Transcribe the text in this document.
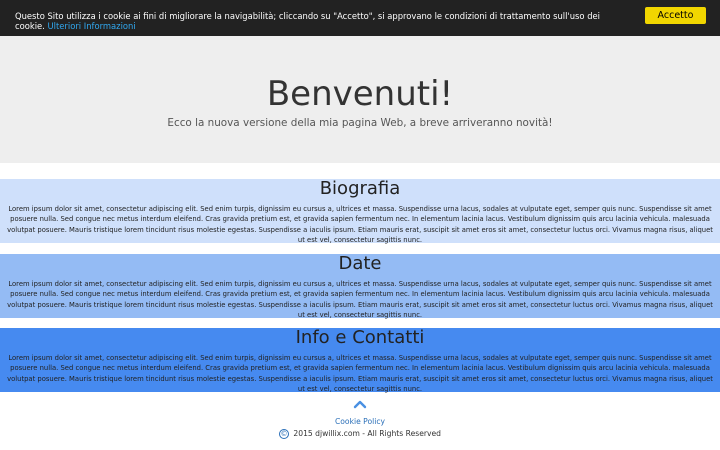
Questo Sito utilizza i cookie ai fini di migliorare la navigabilità; cliccando su "Accetto", si approvano le condizioni di trattamento sull'uso dei cookie. Ulteriori Informazioni
Accetto
Benvenuti!

Ecco la nuova versione della mia pagina Web, a breve arriveranno novità!

Biografia
Lorem ipsum dolor sit amet, consectetur adipiscing elit. Sed enim turpis, dignissim eu cursus a, ultrices et massa. Suspendisse urna lacus, sodales at vulputate eget, semper quis nunc. Suspendisse sit amet posuere nulla. Sed congue nec metus interdum eleifend. Cras gravida pretium est, et gravida sapien fermentum nec. In elementum lacinia lacus. Vestibulum dignissim quis arcu lacinia vehicula. malesuada volutpat posuere. Mauris tristique lorem tincidunt risus molestie egestas. Suspendisse a iaculis ipsum. Etiam mauris erat, suscipit sit amet eros sit amet, consectetur luctus orci. Vivamus magna risus, aliquet ut est vel, consectetur sagittis nunc.
Date
Lorem ipsum dolor sit amet, consectetur adipiscing elit. Sed enim turpis, dignissim eu cursus a, ultrices et massa. Suspendisse urna lacus, sodales at vulputate eget, semper quis nunc. Suspendisse sit amet posuere nulla. Sed congue nec metus interdum eleifend. Cras gravida pretium est, et gravida sapien fermentum nec. In elementum lacinia lacus. Vestibulum dignissim quis arcu lacinia vehicula. malesuada volutpat posuere. Mauris tristique lorem tincidunt risus molestie egestas. Suspendisse a iaculis ipsum. Etiam mauris erat, suscipit sit amet eros sit amet, consectetur luctus orci. Vivamus magna risus, aliquet ut est vel, consectetur sagittis nunc.
Info e Contatti
Lorem ipsum dolor sit amet, consectetur adipiscing elit. Sed enim turpis, dignissim eu cursus a, ultrices et massa. Suspendisse urna lacus, sodales at vulputate eget, semper quis nunc. Suspendisse sit amet posuere nulla. Sed congue nec metus interdum eleifend. Cras gravida pretium est, et gravida sapien fermentum nec. In elementum lacinia lacus. Vestibulum dignissim quis arcu lacinia vehicula. malesuada volutpat posuere. Mauris tristique lorem tincidunt risus molestie egestas. Suspendisse a iaculis ipsum. Etiam mauris erat, suscipit sit amet eros sit amet, consectetur luctus orci. Vivamus magna risus, aliquet ut est vel, consectetur sagittis nunc.
Cookie Policy
© 2015 djwillix.com - All Rights Reserved
